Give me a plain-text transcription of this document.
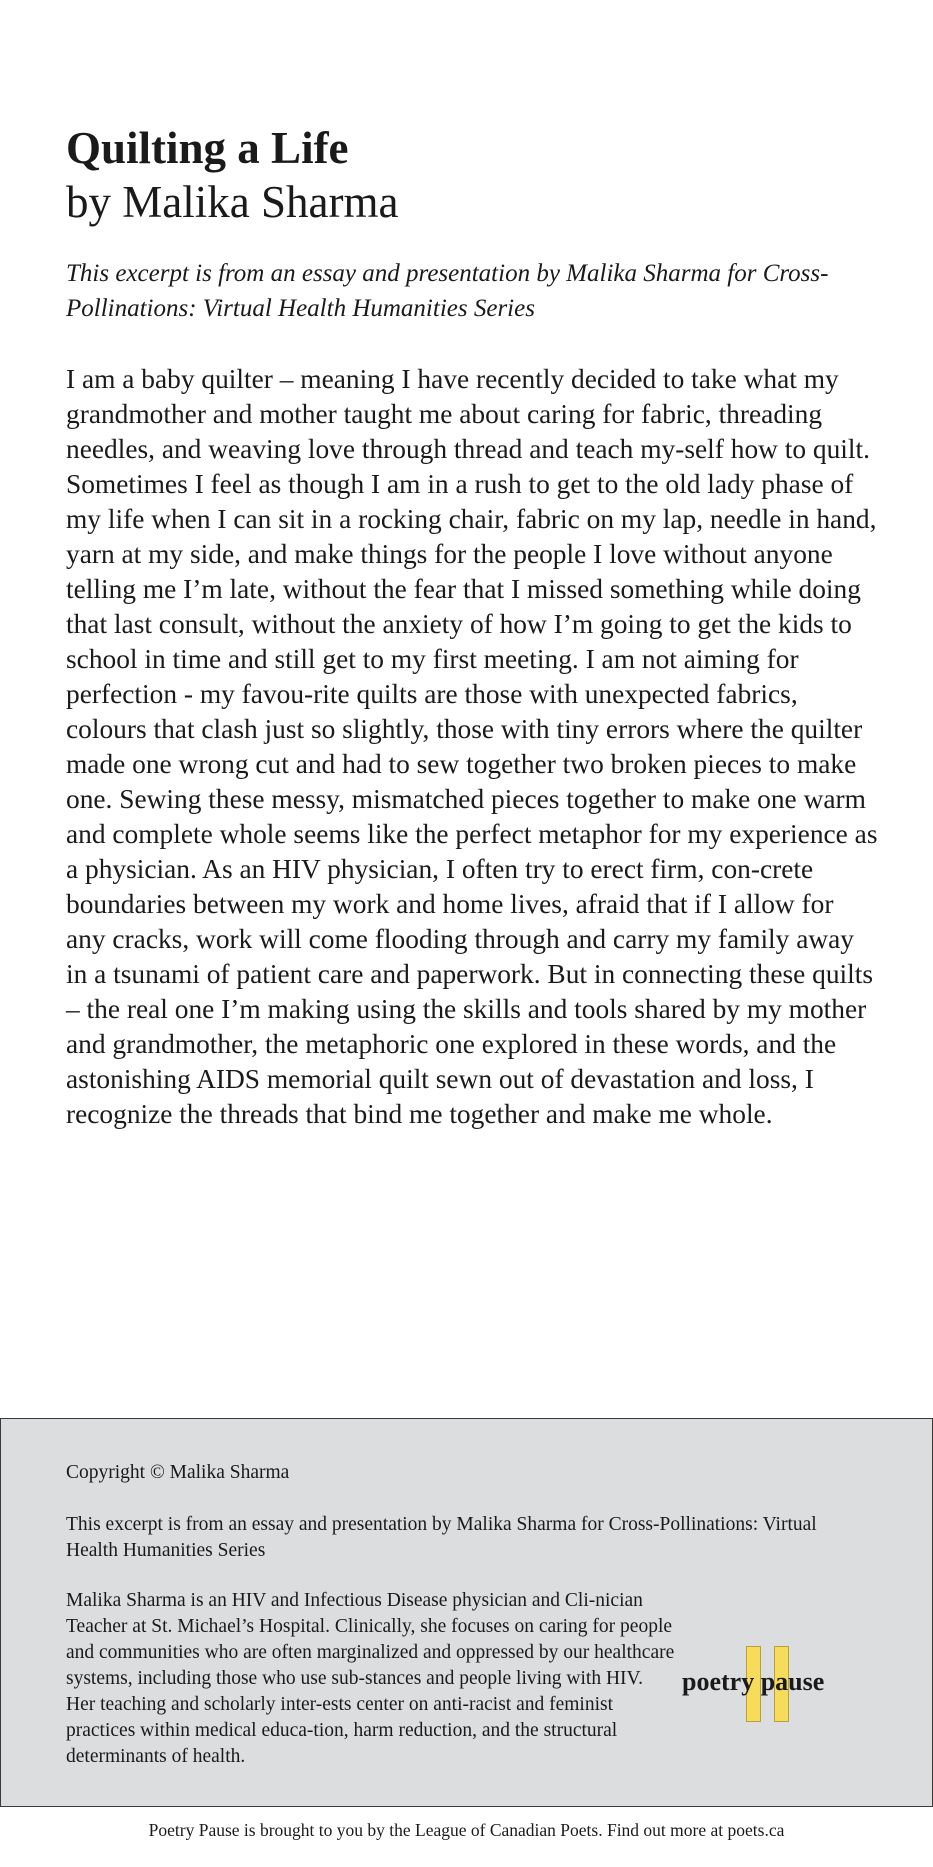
Quilting a Life
by Malika Sharma

This excerpt is from an essay and presentation by Malika Sharma for Cross-Pollinations: Virtual Health Humanities Series

I am a baby quilter – meaning I have recently decided to take what my grandmother and mother taught me about caring for fabric, threading needles, and weaving love through thread and teach my-self how to quilt. Sometimes I feel as though I am in a rush to get to the old lady phase of my life when I can sit in a rocking chair, fabric on my lap, needle in hand, yarn at my side, and make things for the people I love without anyone telling me I’m late, without the fear that I missed something while doing that last consult, without the anxiety of how I’m going to get the kids to school in time and still get to my first meeting. I am not aiming for perfection - my favou-rite quilts are those with unexpected fabrics, colours that clash just so slightly, those with tiny errors where the quilter made one wrong cut and had to sew together two broken pieces to make one. Sewing these messy, mismatched pieces together to make one warm and complete whole seems like the perfect metaphor for my experience as a physician. As an HIV physician, I often try to erect firm, con-crete boundaries between my work and home lives, afraid that if I allow for any cracks, work will come flooding through and carry my family away in a tsunami of patient care and paperwork. But in connecting these quilts – the real one I’m making using the skills and tools shared by my mother and grandmother, the metaphoric one explored in these words, and the astonishing AIDS memorial quilt sewn out of devastation and loss, I recognize the threads that bind me together and make me whole.

Copyright © Malika Sharma

This excerpt is from an essay and presentation by Malika Sharma for Cross-Pollinations: Virtual Health Humanities Series

Malika Sharma is an HIV and Infectious Disease physician and Cli-nician Teacher at St. Michael’s Hospital. Clinically, she focuses on caring for people and communities who are often marginalized and oppressed by our healthcare systems, including those who use sub-stances and people living with HIV. Her teaching and scholarly inter-ests center on anti-racist and feminist practices within medical educa-tion, harm reduction, and the structural determinants of health.

poetry pause

Poetry Pause is brought to you by the League of Canadian Poets. Find out more at poets.ca
